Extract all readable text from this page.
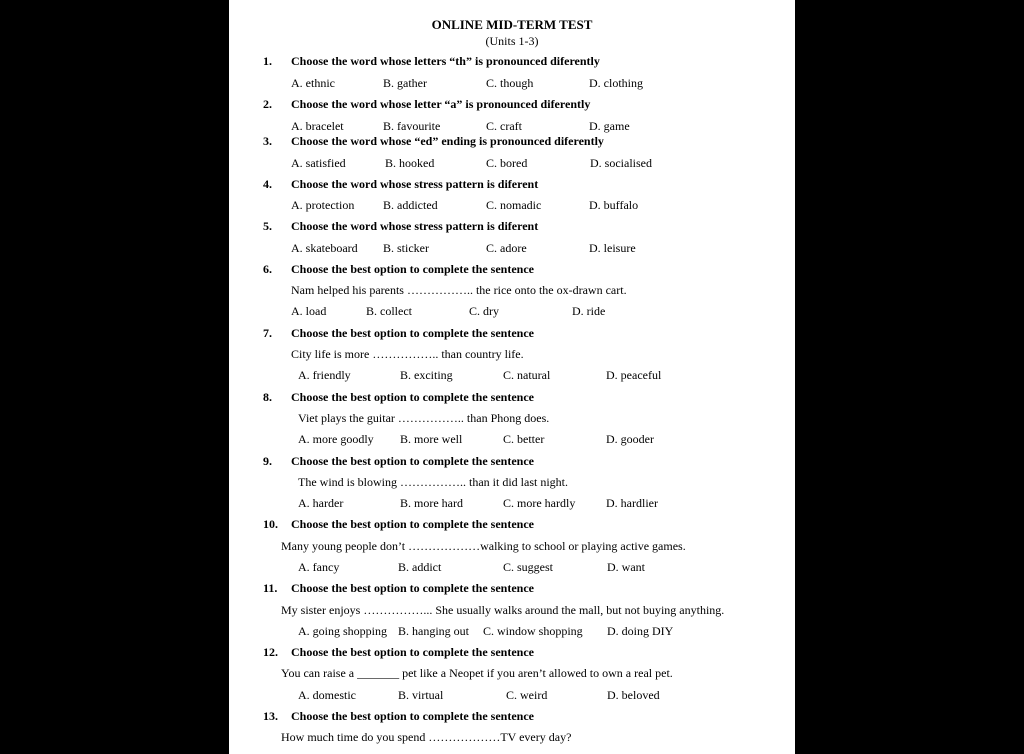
ONLINE MID-TERM TEST
(Units 1-3)
1. Choose the word whose letters “th” is pronounced diferently
A. ethnic	B. gather	C. though	D. clothing
2. Choose the word whose letter “a” is pronounced diferently
A. bracelet	B. favourite	C. craft	D. game
3. Choose the word whose “ed” ending is pronounced diferently
A. satisfied	B. hooked	C. bored	D. socialised
4. Choose the word whose stress pattern is diferent
A. protection B. addicted	C. nomadic	D. buffalo
5. Choose the word whose stress pattern is diferent
A. skateboard B. sticker	C. adore	D. leisure
6. Choose the best option to complete the sentence
Nam helped his parents …………….. the rice onto the ox-drawn cart.
A. load	B. collect	C. dry	D. ride
7. Choose the best option to complete the sentence
City life is more …………….. than country life.
A. friendly	B. exciting	C. natural	D. peaceful
8. Choose the best option to complete the sentence
Viet plays the guitar …………….. than Phong does.
A. more goodly B. more well	C. better	D. gooder
9. Choose the best option to complete the sentence
The wind is blowing …………….. than it did last night.
A. harder	B. more hard	C. more hardly	D. hardlier
10. Choose the best option to complete the sentence
Many young people don’t ………………walking to school or playing active games.
A. fancy	B. addict	C. suggest	D. want
11. Choose the best option to complete the sentence
My sister enjoys ……………... She usually walks around the mall, but not buying anything.
A. going shopping B. hanging out C. window shopping D. doing DIY
12. Choose the best option to complete the sentence
You can raise a _______ pet like a Neopet if you aren’t allowed to own a real pet.
A. domestic	B. virtual	C. weird	D. beloved
13. Choose the best option to complete the sentence
How much time do you spend ………………TV every day?
